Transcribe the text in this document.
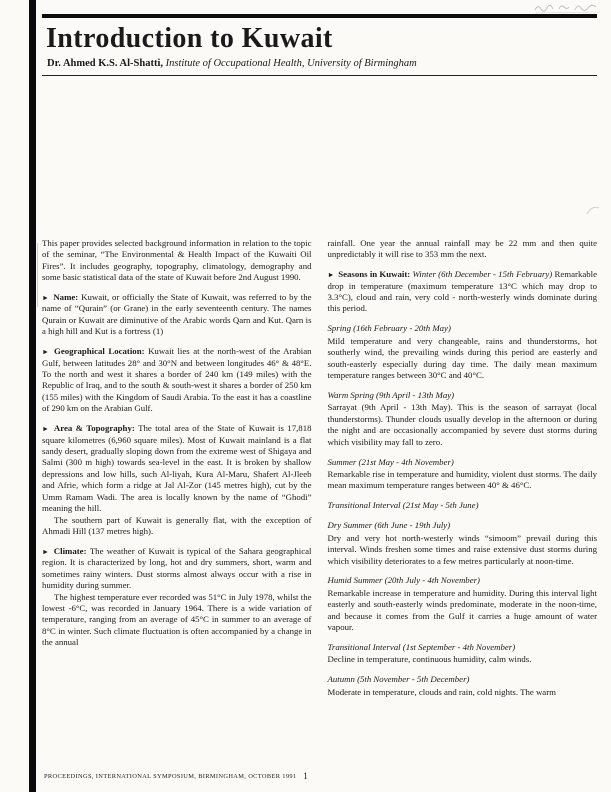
Introduction to Kuwait
Dr. Ahmed K.S. Al-Shatti, Institute of Occupational Health, University of Birmingham

This paper provides selected background information in relation to the topic of the seminar, “The Environmental & Health Impact of the Kuwaiti Oil Fires”. It includes geography, topography, climatology, demography and some basic statistical data of the state of Kuwait before 2nd August 1990.

► Name: Kuwait, or officially the State of Kuwait, was referred to by the name of “Qurain” (or Grane) in the early seventeenth century. The names Qurain or Kuwait are diminutive of the Arabic words Qarn and Kut. Qarn is a high hill and Kut is a fortress (1)

► Geographical Location: Kuwait lies at the north-west of the Arabian Gulf, between latitudes 28° and 30°N and between longitudes 46° & 48°E. To the north and west it shares a border of 240 km (149 miles) with the Republic of Iraq, and to the south & south-west it shares a border of 250 km (155 miles) with the Kingdom of Saudi Arabia. To the east it has a coastline of 290 km on the Arabian Gulf.

► Area & Topography: The total area of the State of Kuwait is 17,818 square kilometres (6,960 square miles). Most of Kuwait mainland is a flat sandy desert, gradually sloping down from the extreme west of Shigaya and Salmi (300 m high) towards sea-level in the east. It is broken by shallow depressions and low hills, such Al-liyah, Kura Al-Maru, Shafert Al-Jleeb and Afrie, which form a ridge at Jal Al-Zor (145 metres high), cut by the Umm Ramam Wadi. The area is locally known by the name of “Ghodi” meaning the hill.

The southern part of Kuwait is generally flat, with the exception of Ahmadi Hill (137 metres high).

► Climate: The weather of Kuwait is typical of the Sahara geographical region. It is characterized by long, hot and dry summers, short, warm and sometimes rainy winters. Dust storms almost always occur with a rise in humidity during summer.

The highest temperature ever recorded was 51°C in July 1978, whilst the lowest -6°C, was recorded in January 1964. There is a wide variation of temperature, ranging from an average of 45°C in summer to an average of 8°C in winter. Such climate fluctuation is often accompanied by a change in the annual

rainfall. One year the annual rainfall may be 22 mm and then quite unpredictably it will rise to 353 mm the next.

► Seasons in Kuwait: Winter (6th December - 15th February) Remarkable drop in temperature (maximum temperature 13°C which may drop to 3.3°C), cloud and rain, very cold - north-westerly winds dominate during this period.

Spring (16th February - 20th May)
Mild temperature and very changeable, rains and thunderstorms, hot southerly wind, the prevailing winds during this period are easterly and south-easterly especially during day time. The daily mean maximum temperature ranges between 30°C and 40°C.

Warm Spring (9th April - 13th May)
Sarrayat (9th April - 13th May). This is the season of sarrayat (local thunderstorms). Thunder clouds usually develop in the afternoon or during the night and are occasionally accompanied by severe dust storms during which visibility may fall to zero.

Summer (21st May - 4th November)
Remarkable rise in temperature and humidity, violent dust storms. The daily mean maximum temperature ranges between 40° & 46°C.

Transitional Interval (21st May - 5th June)

Dry Summer (6th June - 19th July)
Dry and very hot north-westerly winds “simoom” prevail during this interval. Winds freshen some times and raise extensive dust storms during which visibility deteriorates to a few metres particularly at noon-time.

Humid Summer (20th July - 4th November)
Remarkable increase in temperature and humidity. During this interval light easterly and south-easterly winds predominate, moderate in the noon-time, and because it comes from the Gulf it carries a huge amount of water vapour.

Transitional Interval (1st September - 4th November)
Decline in temperature, continuous humidity, calm winds.

Autumn (5th November - 5th December)
Moderate in temperature, clouds and rain, cold nights. The warm

PROCEEDINGS, INTERNATIONAL SYMPOSIUM, BIRMINGHAM, OCTOBER 1991 1
